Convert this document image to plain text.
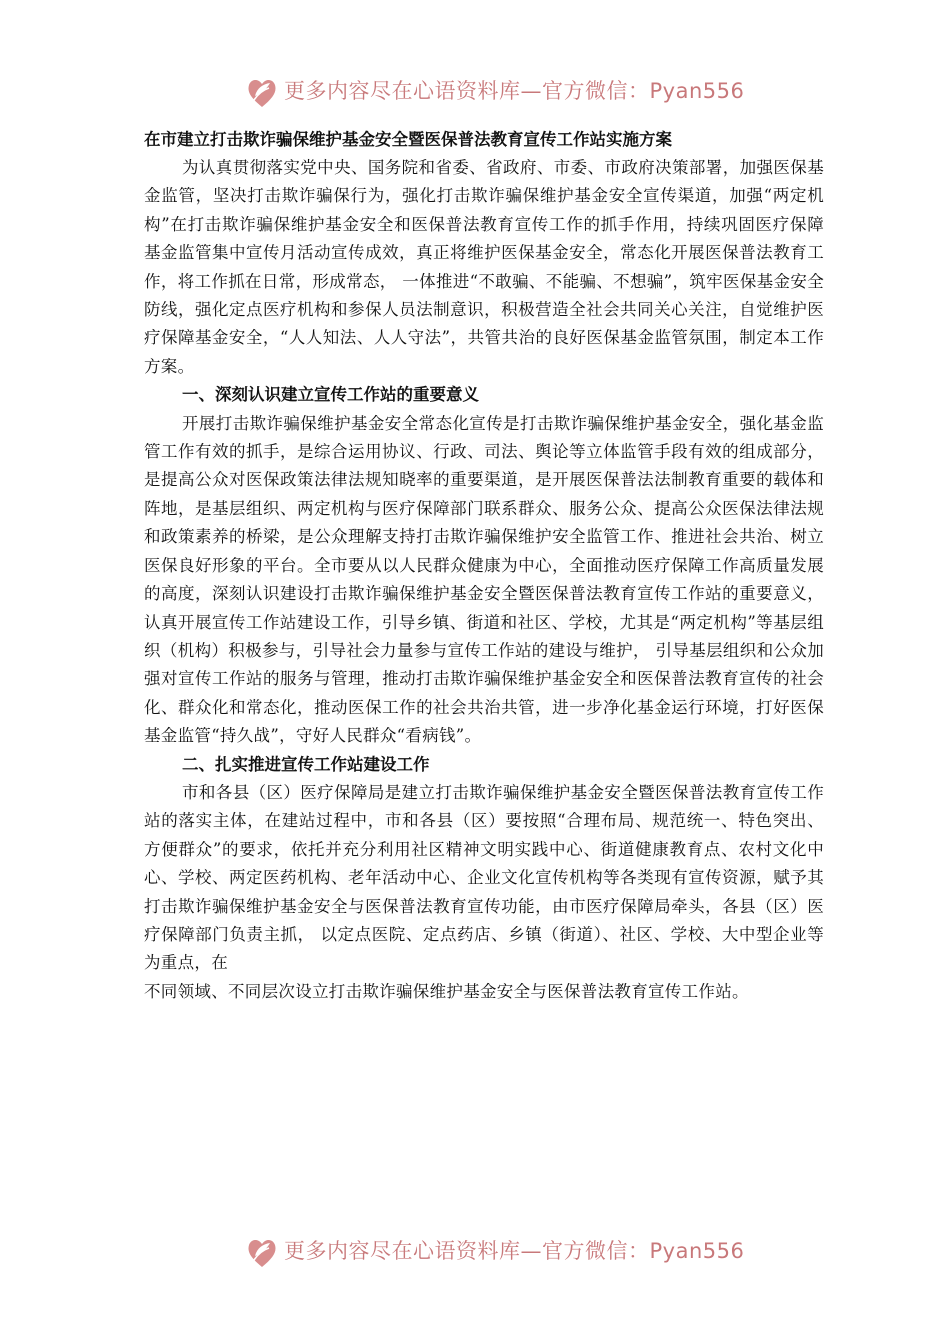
更多内容尽在心语资料库—官方微信：Pyan556

在市建立打击欺诈骗保维护基金安全暨医保普法教育宣传工作站实施方案

为认真贯彻落实党中央、国务院和省委、省政府、市委、市政府决策部署，加强医保基金监管，坚决打击欺诈骗保行为，强化打击欺诈骗保维护基金安全宣传渠道，加强“两定机构”在打击欺诈骗保维护基金安全和医保普法教育宣传工作的抓手作用，持续巩固医疗保障基金监管集中宣传月活动宣传成效，真正将维护医保基金安全，常态化开展医保普法教育工作，将工作抓在日常，形成常态， 一体推进“不敢骗、不能骗、不想骗”，筑牢医保基金安全防线，强化定点医疗机构和参保人员法制意识，积极营造全社会共同关心关注，自觉维护医疗保障基金安全，“人人知法、人人守法”，共管共治的良好医保基金监管氛围，制定本工作方案。

一、深刻认识建立宣传工作站的重要意义

开展打击欺诈骗保维护基金安全常态化宣传是打击欺诈骗保维护基金安全，强化基金监管工作有效的抓手，是综合运用协议、行政、司法、舆论等立体监管手段有效的组成部分，是提高公众对医保政策法律法规知晓率的重要渠道，是开展医保普法法制教育重要的载体和阵地，是基层组织、两定机构与医疗保障部门联系群众、服务公众、提高公众医保法律法规和政策素养的桥梁，是公众理解支持打击欺诈骗保维护安全监管工作、推进社会共治、树立医保良好形象的平台。全市要从以人民群众健康为中心，全面推动医疗保障工作高质量发展的高度，深刻认识建设打击欺诈骗保维护基金安全暨医保普法教育宣传工作站的重要意义， 认真开展宣传工作站建设工作，引导乡镇、街道和社区、学校，尤其是“两定机构”等基层组织（机构）积极参与，引导社会力量参与宣传工作站的建设与维护， 引导基层组织和公众加强对宣传工作站的服务与管理，推动打击欺诈骗保维护基金安全和医保普法教育宣传的社会化、群众化和常态化，推动医保工作的社会共治共管，进一步净化基金运行环境，打好医保基金监管“持久战”，守好人民群众“看病钱”。

二、扎实推进宣传工作站建设工作

市和各县（区）医疗保障局是建立打击欺诈骗保维护基金安全暨医保普法教育宣传工作站的落实主体，在建站过程中，市和各县（区）要按照“合理布局、规范统一、特色突出、方便群众”的要求，依托并充分利用社区精神文明实践中心、街道健康教育点、农村文化中心、学校、两定医药机构、老年活动中心、企业文化宣传机构等各类现有宣传资源，赋予其打击欺诈骗保维护基金安全与医保普法教育宣传功能，由市医疗保障局牵头，各县（区）医疗保障部门负责主抓， 以定点医院、定点药店、乡镇（街道）、社区、学校、大中型企业等为重点，在

不同领域、不同层次设立打击欺诈骗保维护基金安全与医保普法教育宣传工作站。

更多内容尽在心语资料库—官方微信：Pyan556
